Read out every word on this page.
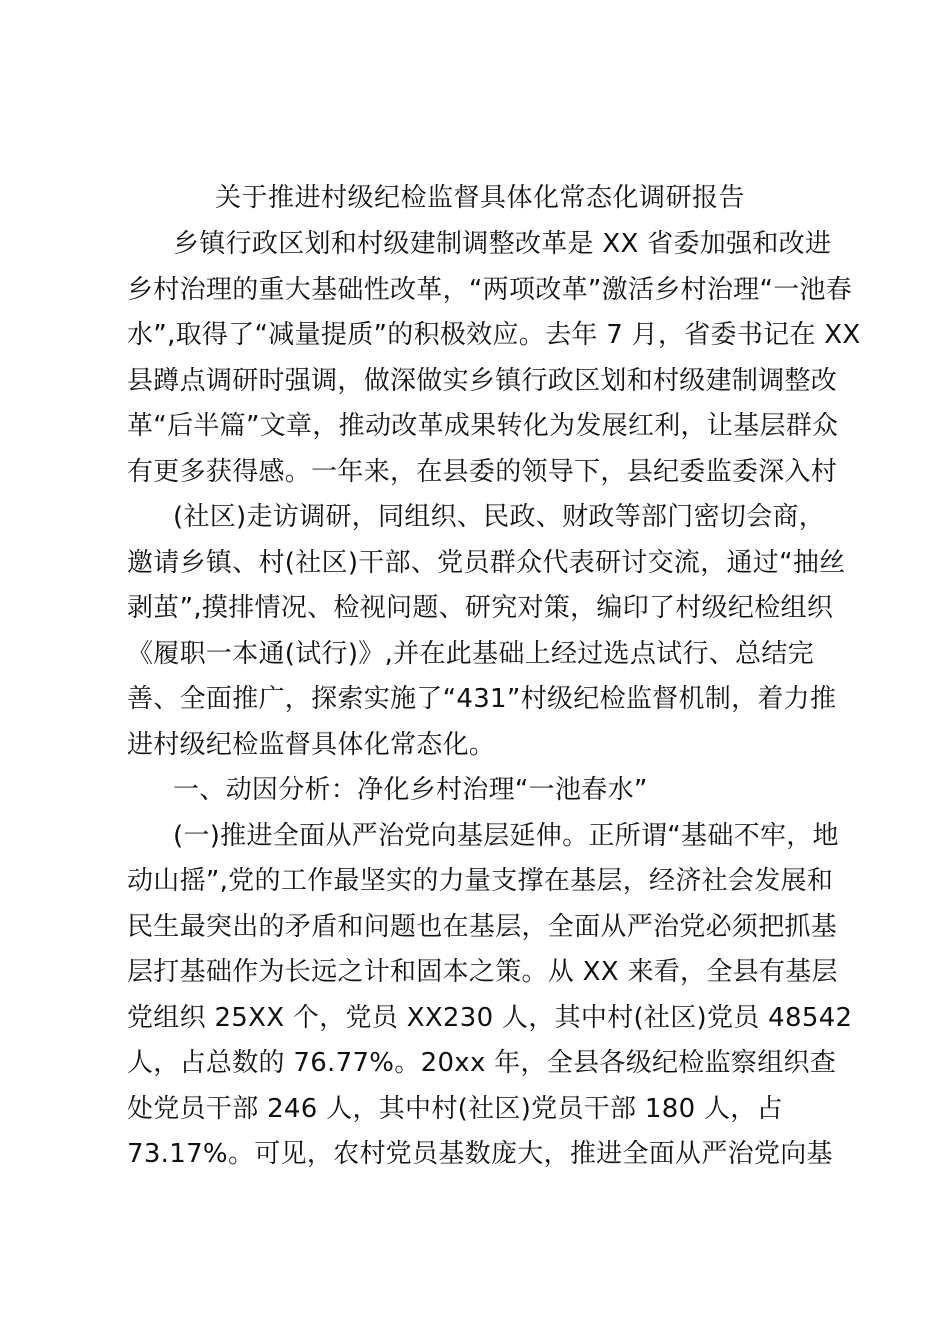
关于推进村级纪检监督具体化常态化调研报告
乡镇行政区划和村级建制调整改革是 XX 省委加强和改进
乡村治理的重大基础性改革，“两项改革”激活乡村治理“一池春
水”,取得了“减量提质”的积极效应。去年 7 月，省委书记在 XX
县蹲点调研时强调，做深做实乡镇行政区划和村级建制调整改
革“后半篇”文章，推动改革成果转化为发展红利，让基层群众
有更多获得感。一年来，在县委的领导下，县纪委监委深入村
(社区)走访调研，同组织、民政、财政等部门密切会商，
邀请乡镇、村(社区)干部、党员群众代表研讨交流，通过“抽丝
剥茧”,摸排情况、检视问题、研究对策，编印了村级纪检组织
《履职一本通(试行)》,并在此基础上经过选点试行、总结完
善、全面推广，探索实施了“431”村级纪检监督机制，着力推
进村级纪检监督具体化常态化。
一、动因分析：净化乡村治理“一池春水”
(一)推进全面从严治党向基层延伸。正所谓“基础不牢，地
动山摇”,党的工作最坚实的力量支撑在基层，经济社会发展和
民生最突出的矛盾和问题也在基层，全面从严治党必须把抓基
层打基础作为长远之计和固本之策。从 XX 来看，全县有基层
党组织 25XX 个，党员 XX230 人，其中村(社区)党员 48542
人，占总数的 76.77%。20xx 年，全县各级纪检监察组织查
处党员干部 246 人，其中村(社区)党员干部 180 人，占
73.17%。可见，农村党员基数庞大，推进全面从严治党向基
